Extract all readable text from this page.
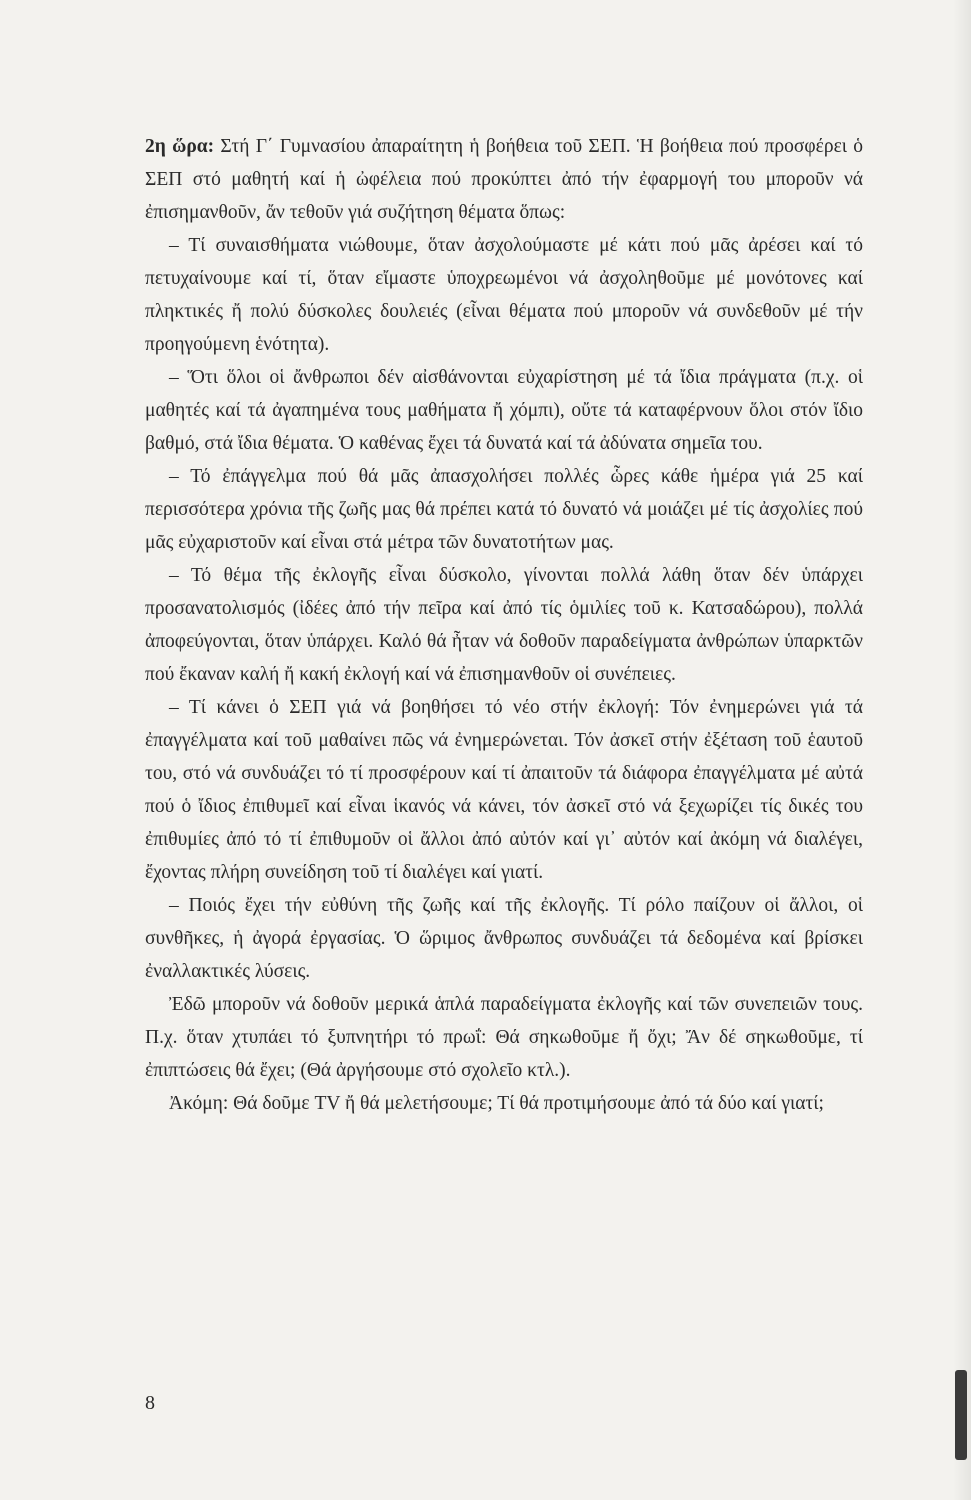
2η ὥρα: Στή Γ΄ Γυμνασίου ἀπαραίτητη ἡ βοήθεια τοῦ ΣΕΠ. Ἡ βοήθεια πού προσφέρει ὁ ΣΕΠ στό μαθητή καί ἡ ὠφέλεια πού προκύπτει ἀπό τήν ἐφαρμογή του μποροῦν νά ἐπισημανθοῦν, ἄν τεθοῦν γιά συζήτηση θέματα ὅπως:

– Τί συναισθήματα νιώθουμε, ὅταν ἀσχολούμαστε μέ κάτι πού μᾶς ἀρέσει καί τό πετυχαίνουμε καί τί, ὅταν εἴμαστε ὑποχρεωμένοι νά ἀσχοληθοῦμε μέ μονότονες καί πληκτικές ἤ πολύ δύσκολες δουλειές (εἶναι θέματα πού μποροῦν νά συνδεθοῦν μέ τήν προηγούμενη ἑνότητα).

– Ὅτι ὅλοι οἱ ἄνθρωποι δέν αἰσθάνονται εὐχαρίστηση μέ τά ἴδια πράγματα (π.χ. οἱ μαθητές καί τά ἀγαπημένα τους μαθήματα ἤ χόμπι), οὔτε τά καταφέρνουν ὅλοι στόν ἴδιο βαθμό, στά ἴδια θέματα. Ὁ καθένας ἔχει τά δυνατά καί τά ἀδύνατα σημεῖα του.

– Τό ἐπάγγελμα πού θά μᾶς ἀπασχολήσει πολλές ὧρες κάθε ἡμέρα γιά 25 καί περισσότερα χρόνια τῆς ζωῆς μας θά πρέπει κατά τό δυνατό νά μοιάζει μέ τίς ἀσχολίες πού μᾶς εὐχαριστοῦν καί εἶναι στά μέτρα τῶν δυνατοτήτων μας.

– Τό θέμα τῆς ἐκλογῆς εἶναι δύσκολο, γίνονται πολλά λάθη ὅταν δέν ὑπάρχει προσανατολισμός (ἰδέες ἀπό τήν πεῖρα καί ἀπό τίς ὁμιλίες τοῦ κ. Κατσαδώρου), πολλά ἀποφεύγονται, ὅταν ὑπάρχει. Καλό θά ἦταν νά δοθοῦν παραδείγματα ἀνθρώπων ὑπαρκτῶν πού ἔκαναν καλή ἤ κακή ἐκλογή καί νά ἐπισημανθοῦν οἱ συνέπειες.

– Τί κάνει ὁ ΣΕΠ γιά νά βοηθήσει τό νέο στήν ἐκλογή: Τόν ἐνημερώνει γιά τά ἐπαγγέλματα καί τοῦ μαθαίνει πῶς νά ἐνημερώνεται. Τόν ἀσκεῖ στήν ἐξέταση τοῦ ἑαυτοῦ του, στό νά συνδυάζει τό τί προσφέρουν καί τί ἀπαιτοῦν τά διάφορα ἐπαγγέλματα μέ αὐτά πού ὁ ἴδιος ἐπιθυμεῖ καί εἶναι ἱκανός νά κάνει, τόν ἀσκεῖ στό νά ξεχωρίζει τίς δικές του ἐπιθυμίες ἀπό τό τί ἐπιθυμοῦν οἱ ἄλλοι ἀπό αὐτόν καί γι᾽ αὐτόν καί ἀκόμη νά διαλέγει, ἔχοντας πλήρη συνείδηση τοῦ τί διαλέγει καί γιατί.

– Ποιός ἔχει τήν εὐθύνη τῆς ζωῆς καί τῆς ἐκλογῆς. Τί ρόλο παίζουν οἱ ἄλλοι, οἱ συνθῆκες, ἡ ἀγορά ἐργασίας. Ὁ ὥριμος ἄνθρωπος συνδυάζει τά δεδομένα καί βρίσκει ἐναλλακτικές λύσεις.

Ἐδῶ μποροῦν νά δοθοῦν μερικά ἁπλά παραδείγματα ἐκλογῆς καί τῶν συνεπειῶν τους. Π.χ. ὅταν χτυπάει τό ξυπνητήρι τό πρωΐ: Θά σηκωθοῦμε ἤ ὄχι; Ἄν δέ σηκωθοῦμε, τί ἐπιπτώσεις θά ἔχει; (Θά ἀργήσουμε στό σχολεῖο κτλ.).

Ἀκόμη: Θά δοῦμε TV ἤ θά μελετήσουμε; Τί θά προτιμήσουμε ἀπό τά δύο καί γιατί;

8
